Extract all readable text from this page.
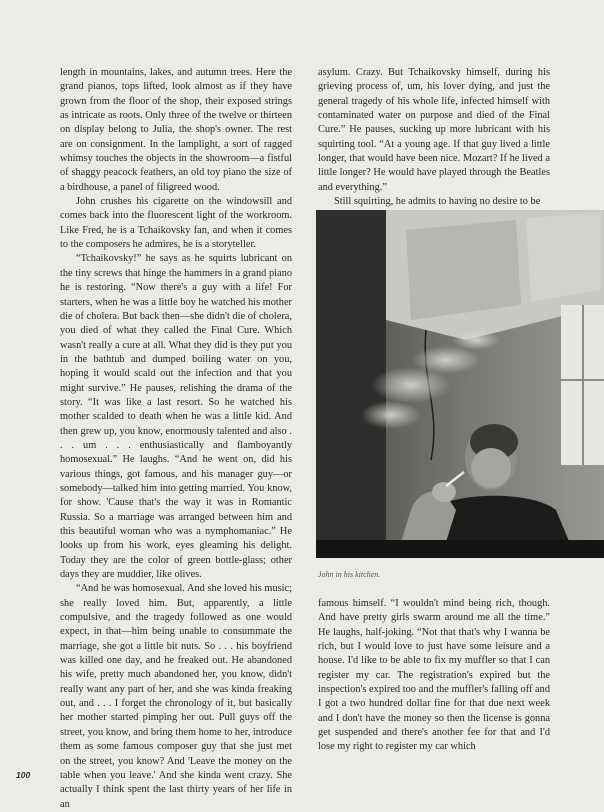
length in mountains, lakes, and autumn trees. Here the grand pianos, tops lifted, look almost as if they have grown from the floor of the shop, their exposed strings as intricate as roots. Only three of the twelve or thirteen on display belong to Julia, the shop's owner. The rest are on consignment. In the lamplight, a sort of ragged whimsy touches the objects in the showroom—a fistful of shaggy peacock feathers, an old toy piano the size of a birdhouse, a panel of filigreed wood.

John crushes his cigarette on the windowsill and comes back into the fluorescent light of the workroom. Like Fred, he is a Tchaikovsky fan, and when it comes to the composers he admires, he is a storyteller.

“Tchaikovsky!” he says as he squirts lubricant on the tiny screws that hinge the hammers in a grand piano he is restoring. “Now there's a guy with a life! For starters, when he was a little boy he watched his mother die of cholera. But back then—she didn't die of cholera, you died of what they called the Final Cure. Which wasn't really a cure at all. What they did is they put you in the bathtub and dumped boiling water on you, hoping it would scald out the infection and that you might survive.” He pauses, relishing the drama of the story. “It was like a last resort. So he watched his mother scalded to death when he was a little kid. And then grew up, you know, enormously talented and also . . . um . . . enthusiastically and flamboyantly homosexual.” He laughs. “And he went on, did his various things, got famous, and his manager guy—or somebody—talked him into getting married. You know, for show. 'Cause that's the way it was in Romantic Russia. So a marriage was arranged between him and this beautiful woman who was a nymphomaniac.” He looks up from his work, eyes gleaming his delight. Today they are the color of green bottle-glass; other days they are muddier, like olives.

“And he was homosexual. And she loved his music; she really loved him. But, apparently, a little compulsive, and the tragedy followed as one would expect, in that—him being unable to consummate the marriage, she got a little bit nuts. So . . . his boyfriend was killed one day, and he freaked out. He abandoned his wife, pretty much abandoned her, you know, didn't really want any part of her, and she was kinda freaking out, and . . . I forget the chronology of it, but basically her mother started pimping her out. Pull guys off the street, you know, and bring them home to her, introduce them as some famous composer guy that she just met on the street, you know? And 'Leave the money on the table when you leave.' And she kinda went crazy. She actually I think spent the last thirty years of her life in an

asylum. Crazy. But Tchaikovsky himself, during his grieving process of, um, his lover dying, and just the general tragedy of his whole life, infected himself with contaminated water on purpose and died of the Final Cure.” He pauses, sucking up more lubricant with his squirting tool. “At a young age. If that guy lived a little longer, that would have been nice. Mozart? If he lived a little longer? He would have played through the Beatles and everything.”

Still squirting, he admits to having no desire to be

John in his kitchen.

famous himself. “I wouldn't mind being rich, though. And have pretty girls swarm around me all the time.” He laughs, half-joking. “Not that that's why I wanna be rich, but I would love to just have some leisure and a house. I'd like to be able to fix my muffler so that I can register my car. The registration's expired but the inspection's expired too and the muffler's falling off and I got a two hundred dollar fine for that due next week and I don't have the money so then the license is gonna get suspended and there's another fee for that and I'd lose my right to register my car which

100
